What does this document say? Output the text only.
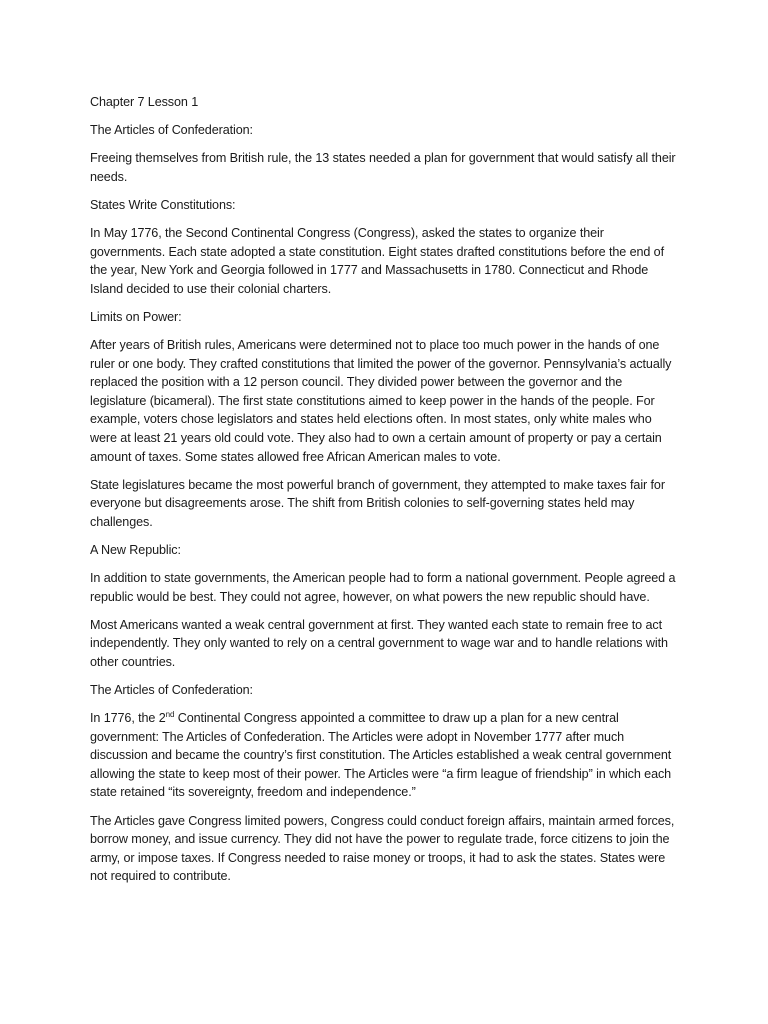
Chapter 7 Lesson 1

The Articles of Confederation:

Freeing themselves from British rule, the 13 states needed a plan for government that would satisfy all their needs.

States Write Constitutions:

In May 1776, the Second Continental Congress (Congress), asked the states to organize their governments. Each state adopted a state constitution. Eight states drafted constitutions before the end of the year, New York and Georgia followed in 1777 and Massachusetts in 1780. Connecticut and Rhode Island decided to use their colonial charters.

Limits on Power:

After years of British rules, Americans were determined not to place too much power in the hands of one ruler or one body. They crafted constitutions that limited the power of the governor. Pennsylvania’s actually replaced the position with a 12 person council. They divided power between the governor and the legislature (bicameral). The first state constitutions aimed to keep power in the hands of the people. For example, voters chose legislators and states held elections often. In most states, only white males who were at least 21 years old could vote. They also had to own a certain amount of property or pay a certain amount of taxes. Some states allowed free African American males to vote.

State legislatures became the most powerful branch of government, they attempted to make taxes fair for everyone but disagreements arose. The shift from British colonies to self-governing states held may challenges.

A New Republic:

In addition to state governments, the American people had to form a national government. People agreed a republic would be best. They could not agree, however, on what powers the new republic should have.

Most Americans wanted a weak central government at first. They wanted each state to remain free to act independently. They only wanted to rely on a central government to wage war and to handle relations with other countries.

The Articles of Confederation:

In 1776, the 2nd Continental Congress appointed a committee to draw up a plan for a new central government: The Articles of Confederation. The Articles were adopt in November 1777 after much discussion and became the country’s first constitution. The Articles established a weak central government allowing the state to keep most of their power. The Articles were “a firm league of friendship” in which each state retained “its sovereignty, freedom and independence.”

The Articles gave Congress limited powers, Congress could conduct foreign affairs, maintain armed forces, borrow money, and issue currency. They did not have the power to regulate trade, force citizens to join the army, or impose taxes. If Congress needed to raise money or troops, it had to ask the states. States were not required to contribute.
